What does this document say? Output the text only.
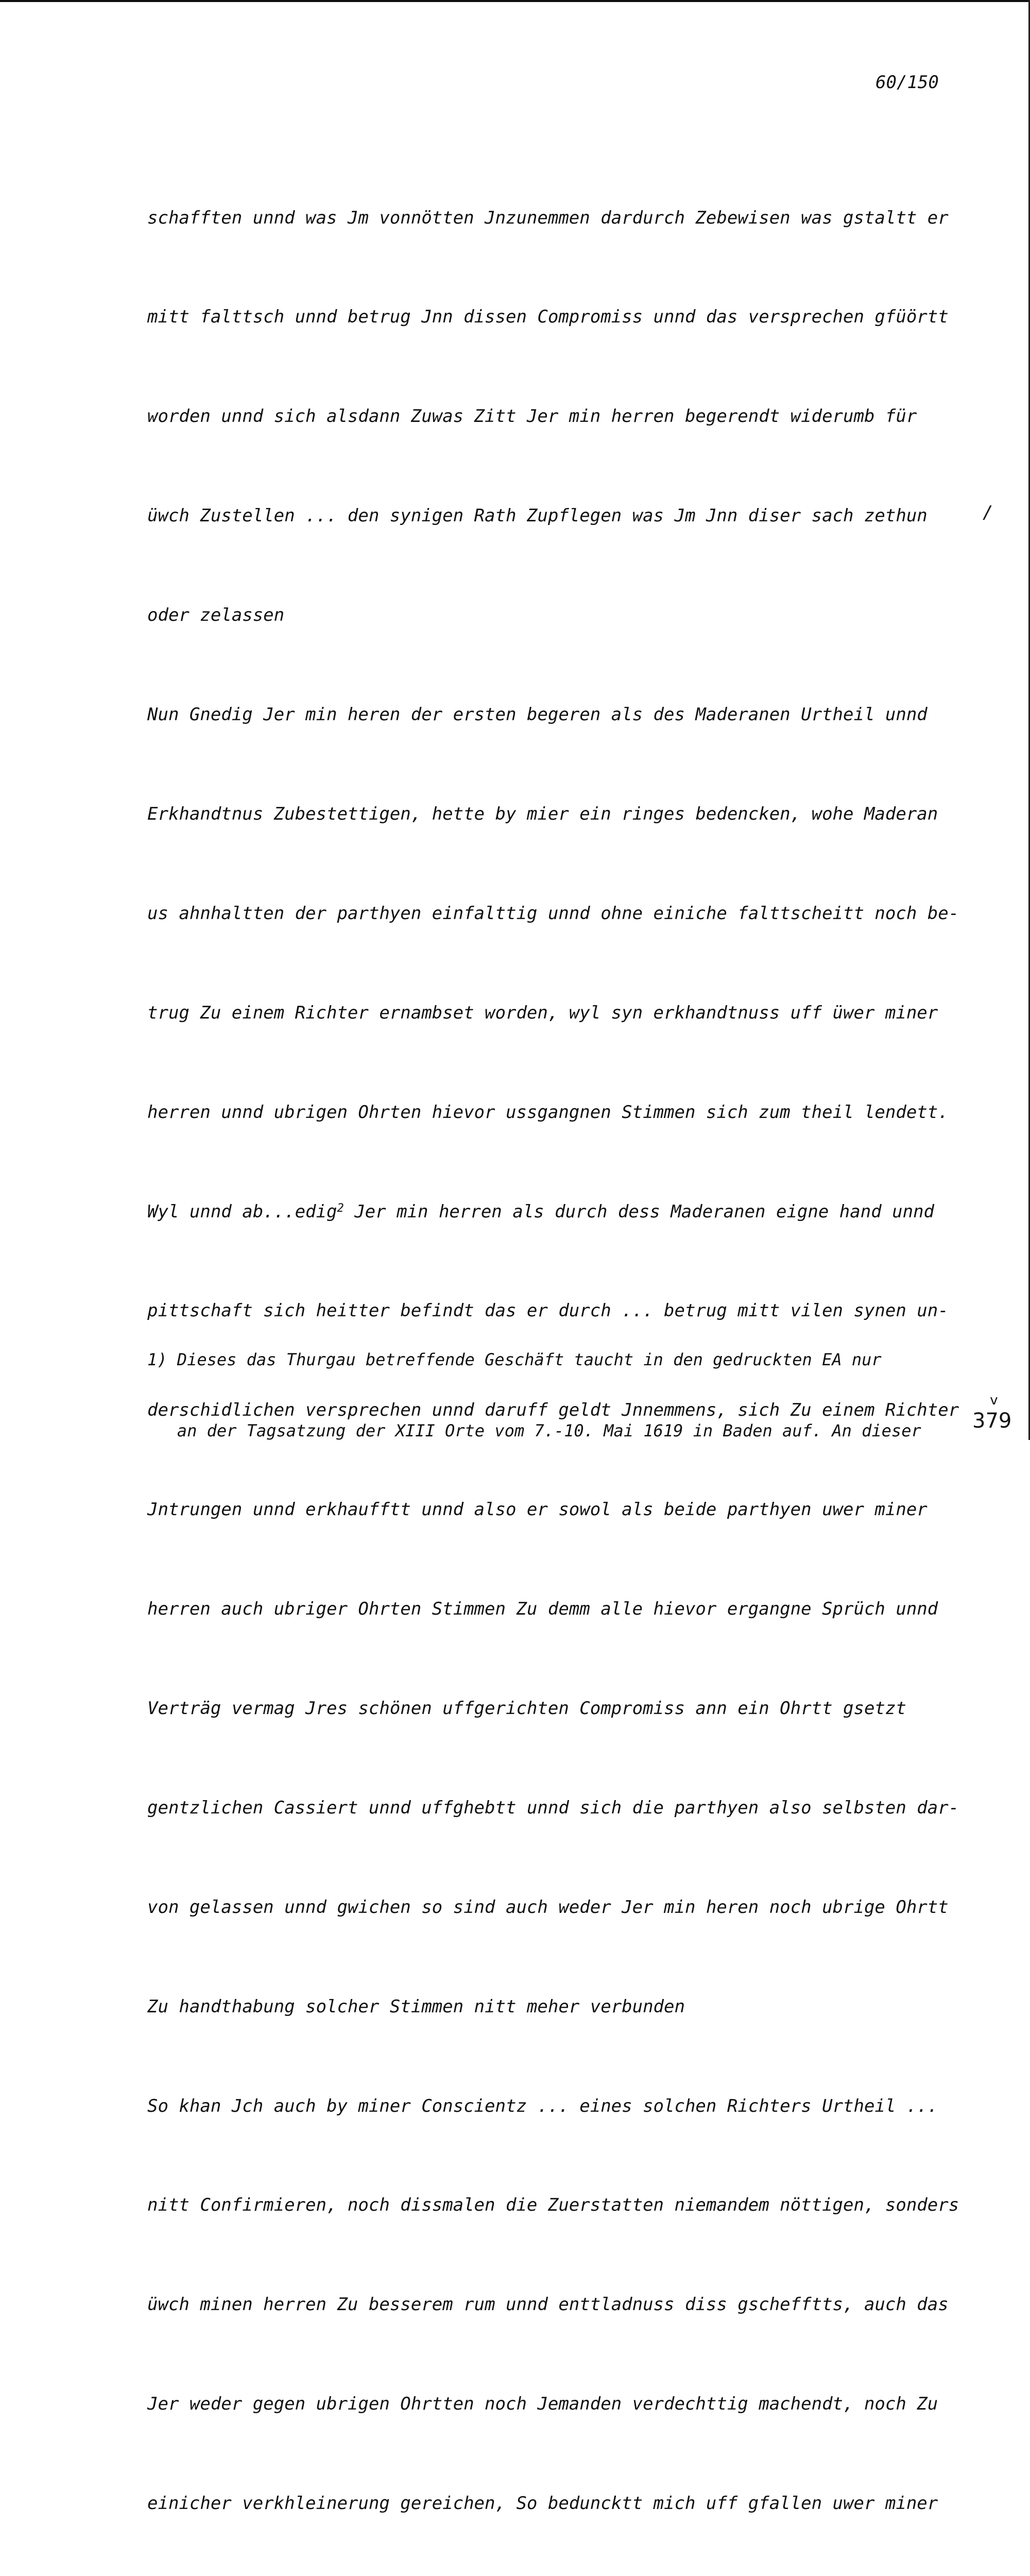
60/150

schafften unnd was Jm vonnötten Jnzunemmen dardurch Zebewisen was gstaltt er

mitt falttsch unnd betrug Jnn dissen Compromiss unnd das versprechen gfüörtt

worden unnd sich alsdann Zuwas Zitt Jer min herren begerendt widerumb für

üwch Zustellen ... den synigen Rath Zupflegen was Jm Jnn diser sach zethun

oder zelassen

Nun Gnedig Jer min heren der ersten begeren als des Maderanen Urtheil unnd

Erkhandtnus Zubestettigen, hette by mier ein ringes bedencken, wohe Maderan

us ahnhaltten der parthyen einfalttig unnd ohne einiche falttscheitt noch be-

trug Zu einem Richter ernambset worden, wyl syn erkhandtnuss uff üwer miner

herren unnd ubrigen Ohrten hievor ussgangnen Stimmen sich zum theil lendett.

Wyl unnd ab...edig$^2$ Jer min herren als durch dess Maderanen eigne hand unnd

pittschaft sich heitter befindt das er durch ... betrug mitt vilen synen un-

derschidlichen versprechen unnd daruff geldt Jnnemmens, sich Zu einem Richter

Jntrungen unnd erkhaufftt unnd also er sowol als beide parthyen uwer miner

herren auch ubriger Ohrten Stimmen Zu demm alle hievor ergangne Sprüch unnd

Verträg vermag Jres schönen uffgerichten Compromiss ann ein Ohrtt gsetzt

gentzlichen Cassiert unnd uffghebtt unnd sich die parthyen also selbsten dar-

von gelassen unnd gwichen so sind auch weder Jer min heren noch ubrige Ohrtt

Zu handthabung solcher Stimmen nitt meher verbunden

So khan Jch auch by miner Conscientz ... eines solchen Richters Urtheil ...

nitt Confirmieren, noch dissmalen die Zuerstatten niemandem nöttigen, sonders

üwch minen herren Zu besserem rum unnd enttladnuss diss gschefftts, auch das

Jer weder gegen ubrigen Ohrtten noch Jemanden verdechttig machendt, noch Zu

einicher verkhleinerung gereichen, So beduncktt mich uff gfallen uwer miner

/

1) Dieses das Thurgau betreffende Geschäft taucht in den gedruckten EA nur

an der Tagsatzung der XIII Orte vom 7.-10. Mai 1619 in Baden auf. An dieser

v
379
